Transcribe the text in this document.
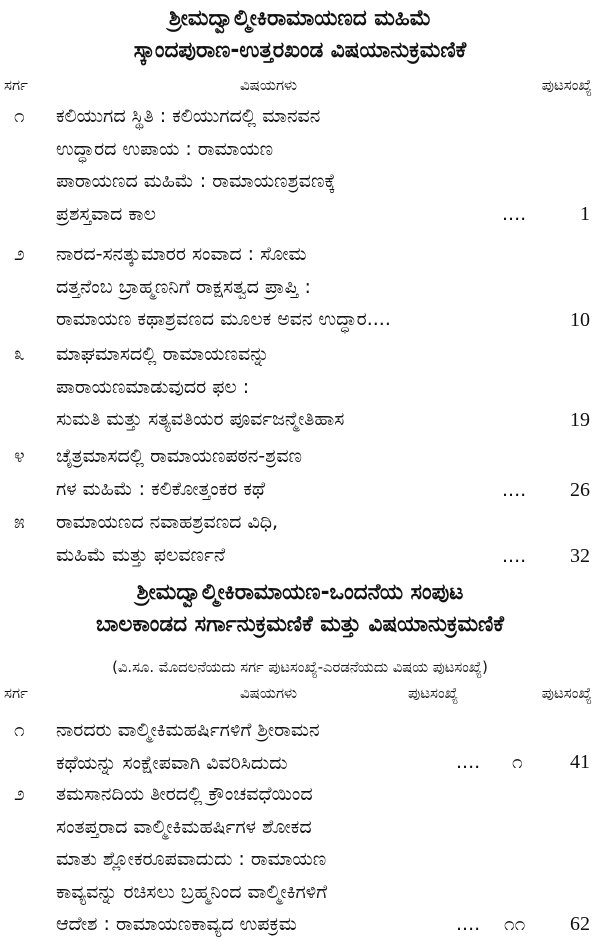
ಶ್ರೀಮದ್ವಾಲ್ಮೀಕಿರಾಮಾಯಣದ ಮಹಿಮೆ
ಸ್ಕಾಂದಪುರಾಣ-ಉತ್ತರಖಂಡ ವಿಷಯಾನುಕ್ರಮಣಿಕೆ
ಸರ್ಗ	ವಿಷಯಗಳು	ಪುಟಸಂಖ್ಯೆ
೧ ಕಲಿಯುಗದ ಸ್ಥಿತಿ : ಕಲಿಯುಗದಲ್ಲಿ ಮಾನವನ
ಉದ್ಧಾರದ ಉಪಾಯ : ರಾಮಾಯಣ
ಪಾರಾಯಣದ ಮಹಿಮೆ : ರಾಮಾಯಣಶ್ರವಣಕ್ಕೆ
ಪ್ರಶಸ್ತವಾದ ಕಾಲ	....	1
೨ ನಾರದ-ಸನತ್ಕುಮಾರರ ಸಂವಾದ : ಸೋಮ
ದತ್ತನೆಂಬ ಬ್ರಾಹ್ಮಣನಿಗೆ ರಾಕ್ಷಸತ್ವದ ಪ್ರಾಪ್ತಿ :
ರಾಮಾಯಣ ಕಥಾಶ್ರವಣದ ಮೂಲಕ ಅವನ ಉದ್ಧಾರ....	10
೩ ಮಾಘಮಾಸದಲ್ಲಿ ರಾಮಾಯಣವನ್ನು
ಪಾರಾಯಣಮಾಡುವುದರ ಫಲ :
ಸುಮತಿ ಮತ್ತು ಸತ್ಯವತಿಯರ ಪೂರ್ವಜನ್ಮೇತಿಹಾಸ	19
೪ ಚೈತ್ರಮಾಸದಲ್ಲಿ ರಾಮಾಯಣಪಠನ-ಶ್ರವಣ
ಗಳ ಮಹಿಮೆ : ಕಲಿಕೋತ್ತಂಕರ ಕಥೆ	.... 26
೫ ರಾಮಾಯಣದ ನವಾಹಶ್ರವಣದ ವಿಧಿ,
ಮಹಿಮೆ ಮತ್ತು ಫಲವರ್ಣನೆ	.... 32
ಶ್ರೀಮದ್ವಾಲ್ಮೀಕಿರಾಮಾಯಣ-ಒಂದನೆಯ ಸಂಪುಟ
ಬಾಲಕಾಂಡದ ಸರ್ಗಾನುಕ್ರಮಣಿಕೆ ಮತ್ತು ವಿಷಯಾನುಕ್ರಮಣಿಕೆ
(ವಿ.ಸೂ. ಮೊದಲನೆಯದು ಸರ್ಗ ಪುಟಸಂಖ್ಯೆ-ಎರಡನೆಯದು ವಿಷಯ ಪುಟಸಂಖ್ಯೆ)
ಸರ್ಗ	ವಿಷಯಗಳು	ಪುಟಸಂಖ್ಯೆ	ಪುಟಸಂಖ್ಯೆ
೧ ನಾರದರು ವಾಲ್ಮೀಕಿಮಹರ್ಷಿಗಳಿಗೆ ಶ್ರೀರಾಮನ
ಕಥೆಯನ್ನು ಸಂಕ್ಷೇಪವಾಗಿ ವಿವರಿಸಿದುದು	.... ೧ 41
೨ ತಮಸಾನದಿಯ ತೀರದಲ್ಲಿ ಕ್ರೌಂಚವಧೆಯಿಂದ
ಸಂತಪ್ತರಾದ ವಾಲ್ಮೀಕಿಮಹರ್ಷಿಗಳ ಶೋಕದ
ಮಾತು ಶ್ಲೋಕರೂಪವಾದುದು : ರಾಮಾಯಣ
ಕಾವ್ಯವನ್ನು ರಚಿಸಲು ಬ್ರಹ್ಮನಿಂದ ವಾಲ್ಮೀಕಿಗಳಿಗೆ
ಆದೇಶ : ರಾಮಾಯಣಕಾವ್ಯದ ಉಪಕ್ರಮ	.... ೧೧ 62
